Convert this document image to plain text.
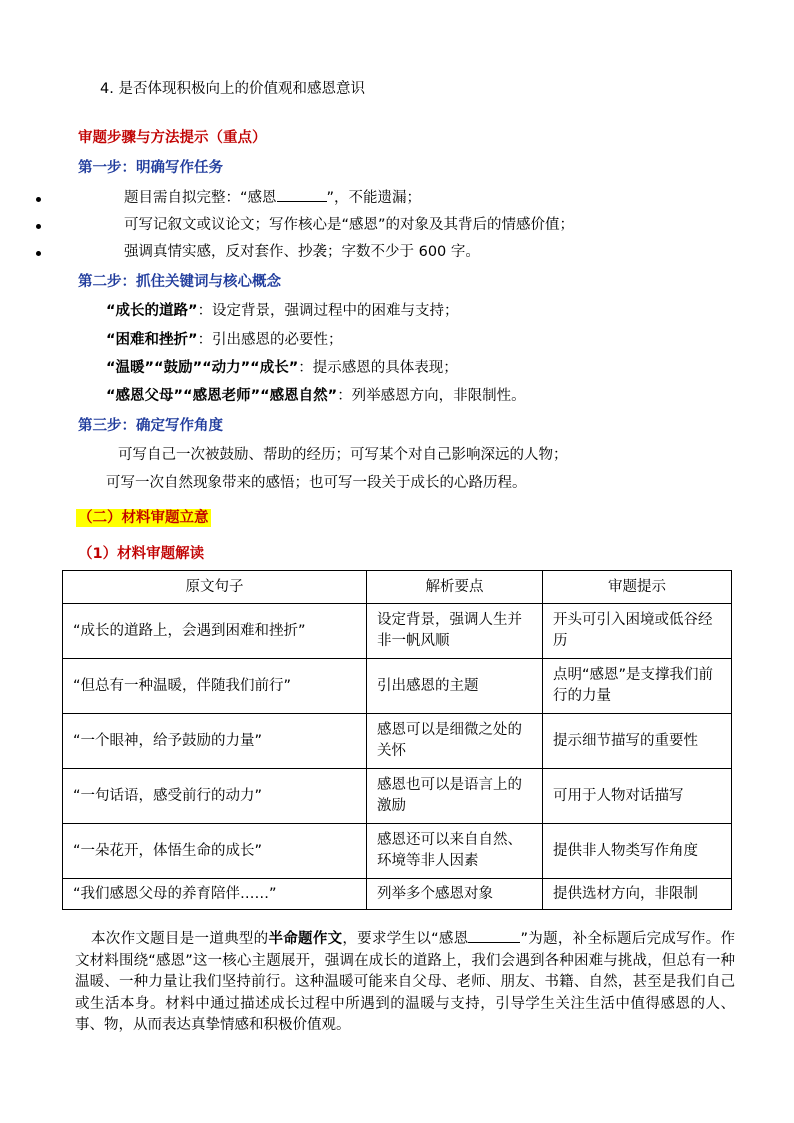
4. 是否体现积极向上的价值观和感恩意识
审题步骤与方法提示（重点）
第一步：明确写作任务
题目需自拟完整：“感恩	”，不能遗漏；
可写记叙文或议论文；写作核心是“感恩”的对象及其背后的情感价值；
强调真情实感，反对套作、抄袭；字数不少于 600 字。
第二步：抓住关键词与核心概念
“成长的道路”：设定背景，强调过程中的困难与支持；
“困难和挫折”：引出感恩的必要性；
“温暖”“鼓励”“动力”“成长”：提示感恩的具体表现；
“感恩父母”“感恩老师”“感恩自然”：列举感恩方向，非限制性。
第三步：确定写作角度
可写自己一次被鼓励、帮助的经历；可写某个对自己影响深远的人物；
可写一次自然现象带来的感悟；也可写一段关于成长的心路历程。
（二）材料审题立意
（1）材料审题解读
原文句子	解析要点	审题提示
“成长的道路上，会遇到困难和挫折”	设定背景，强调人生并非一帆风顺	开头可引入困境或低谷经历
“但总有一种温暖，伴随我们前行”	引出感恩的主题	点明“感恩”是支撑我们前行的力量
“一个眼神，给予鼓励的力量”	感恩可以是细微之处的关怀	提示细节描写的重要性
“一句话语，感受前行的动力”	感恩也可以是语言上的激励	可用于人物对话描写
“一朵花开，体悟生命的成长”	感恩还可以来自自然、环境等非人因素	提供非人物类写作角度
“我们感恩父母的养育陪伴……”	列举多个感恩对象	提供选材方向，非限制
本次作文题目是一道典型的半命题作文，要求学生以“感恩	”为题，补全标题后完成写作。作文材料围绕“感恩”这一核心主题展开，强调在成长的道路上，我们会遇到各种困难与挑战，但总有一种温暖、一种力量让我们坚持前行。这种温暖可能来自父母、老师、朋友、书籍、自然，甚至是我们自己或生活本身。材料中通过描述成长过程中所遇到的温暖与支持，引导学生关注生活中值得感恩的人、事、物，从而表达真挚情感和积极价值观。
